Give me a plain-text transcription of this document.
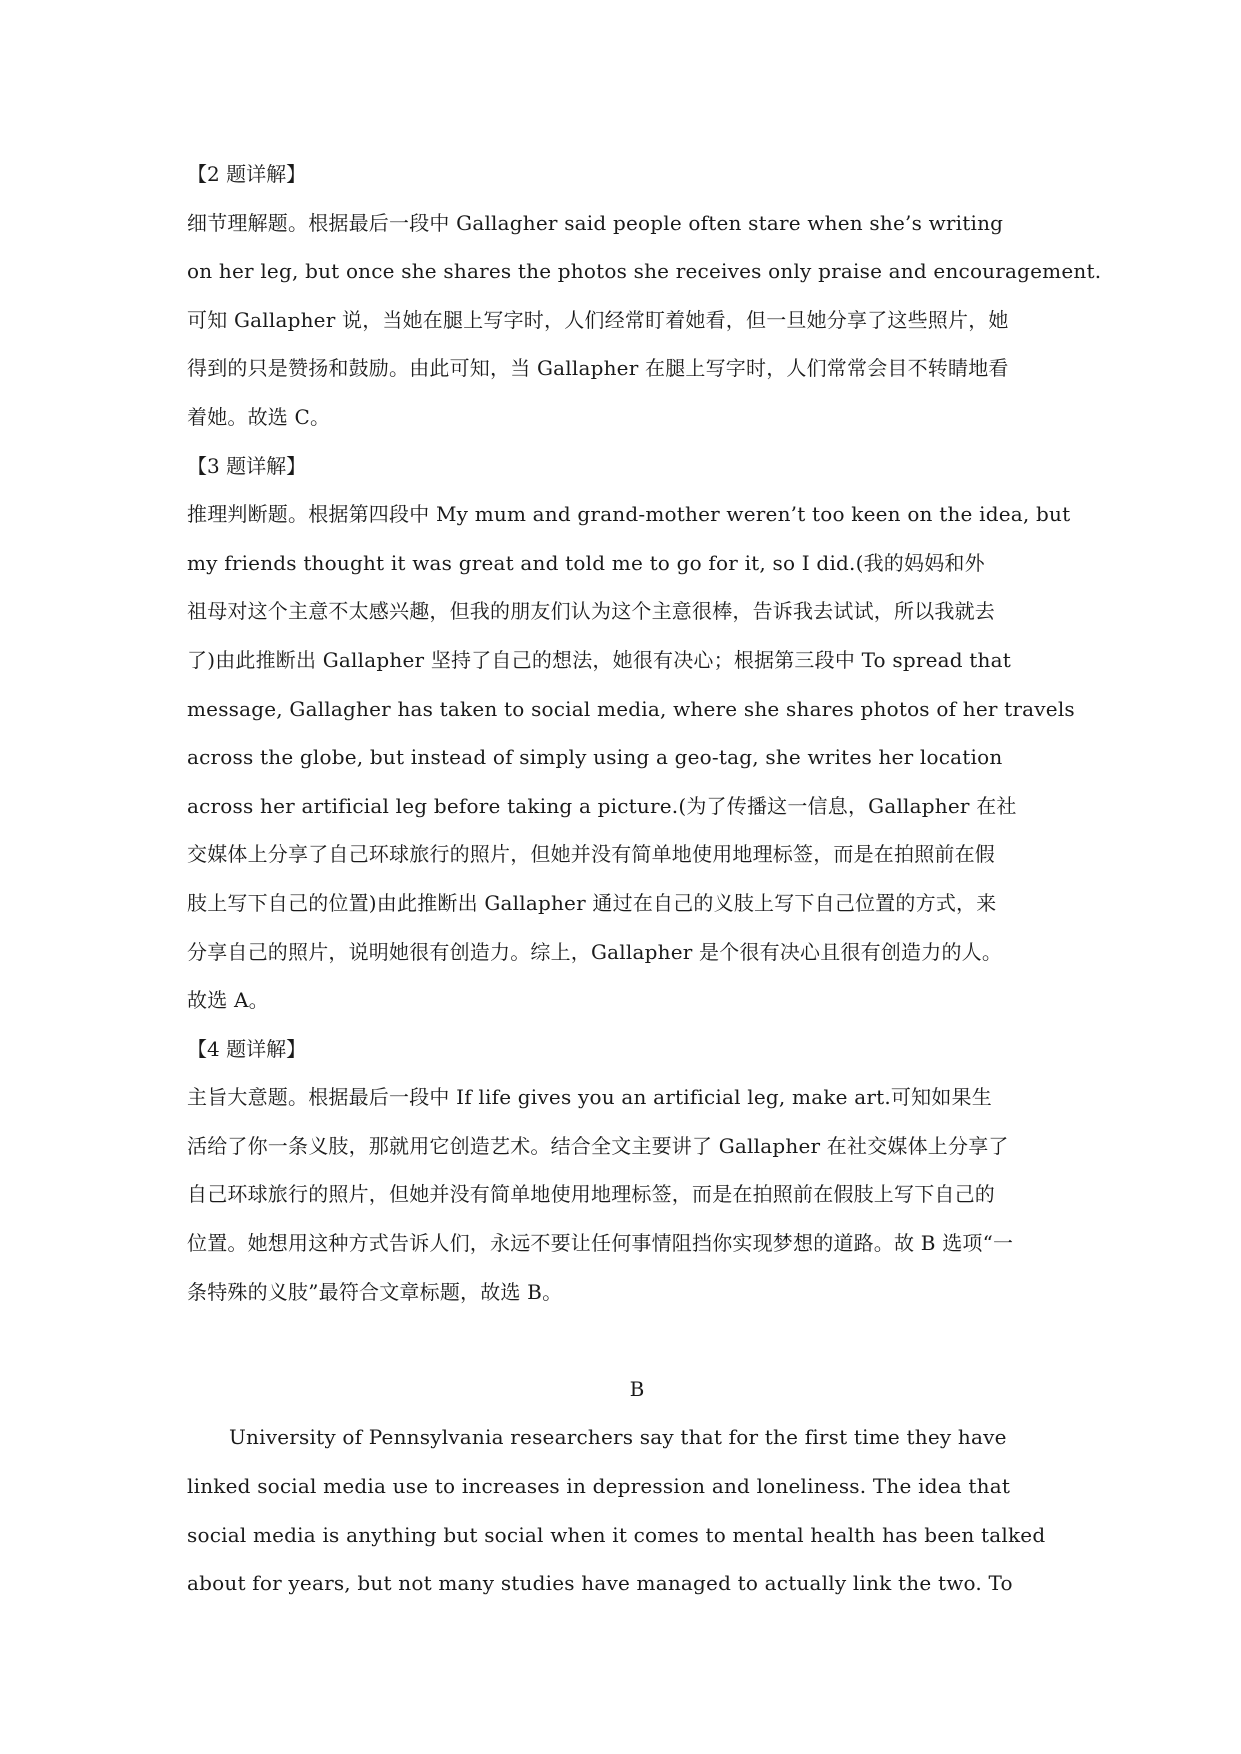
【2 题详解】
细节理解题。根据最后一段中 Gallagher said people often stare when she’s writing
on her leg, but once she shares the photos she receives only praise and encouragement.
可知 Gallapher 说，当她在腿上写字时，人们经常盯着她看，但一旦她分享了这些照片，她
得到的只是赞扬和鼓励。由此可知，当 Gallapher 在腿上写字时，人们常常会目不转睛地看
着她。故选 C。
【3 题详解】
推理判断题。根据第四段中 My mum and grand-mother weren’t too keen on the idea, but
my friends thought it was great and told me to go for it, so I did.(我的妈妈和外
祖母对这个主意不太感兴趣，但我的朋友们认为这个主意很棒，告诉我去试试，所以我就去
了)由此推断出 Gallapher 坚持了自己的想法，她很有决心；根据第三段中 To spread that
message, Gallagher has taken to social media, where she shares photos of her travels
across the globe, but instead of simply using a geo-tag, she writes her location
across her artificial leg before taking a picture.(为了传播这一信息，Gallapher 在社
交媒体上分享了自己环球旅行的照片，但她并没有简单地使用地理标签，而是在拍照前在假
肢上写下自己的位置)由此推断出 Gallapher 通过在自己的义肢上写下自己位置的方式，来
分享自己的照片，说明她很有创造力。综上，Gallapher 是个很有决心且很有创造力的人。
故选 A。
【4 题详解】
主旨大意题。根据最后一段中 If life gives you an artificial leg, make art.可知如果生
活给了你一条义肢，那就用它创造艺术。结合全文主要讲了 Gallapher 在社交媒体上分享了
自己环球旅行的照片，但她并没有简单地使用地理标签，而是在拍照前在假肢上写下自己的
位置。她想用这种方式告诉人们，永远不要让任何事情阻挡你实现梦想的道路。故 B 选项“一
条特殊的义肢”最符合文章标题，故选 B。
B
University of Pennsylvania researchers say that for the first time they have
linked social media use to increases in depression and loneliness. The idea that
social media is anything but social when it comes to mental health has been talked
about for years, but not many studies have managed to actually link the two. To
